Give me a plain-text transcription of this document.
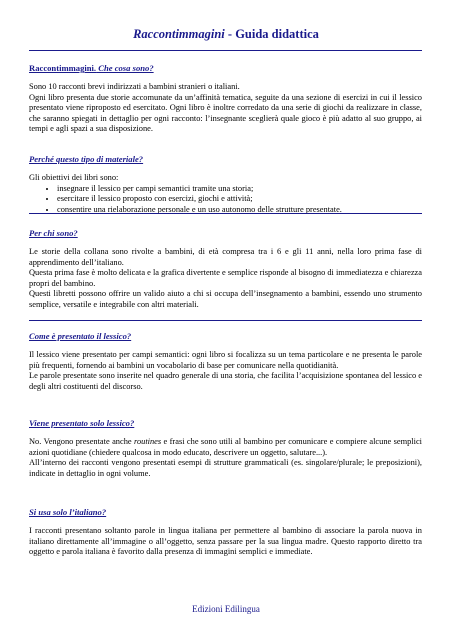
Raccontimmagini - Guida didattica
Raccontimmagini. Che cosa sono?

Sono 10 racconti brevi indirizzati a bambini stranieri o italiani.

Ogni libro presenta due storie accomunate da un’affinità tematica, seguite da una sezione di esercizi in cui il lessico presentato viene riproposto ed esercitato. Ogni libro è inoltre corredato da una serie di giochi da realizzare in classe, che saranno spiegati in dettaglio per ogni racconto: l’insegnante sceglierà quale gioco è più adatto al suo gruppo, ai tempi e agli spazi a sua disposizione.

Perché questo tipo di materiale?

Gli obiettivi dei libri sono:

• insegnare il lessico per campi semantici tramite una storia;
• esercitare il lessico proposto con esercizi, giochi e attività;
• consentire una rielaborazione personale e un uso autonomo delle strutture presentate.
Per chi sono?

Le storie della collana sono rivolte a bambini, di età compresa tra i 6 e gli 11 anni, nella loro prima fase di apprendimento dell’italiano.

Questa prima fase è molto delicata e la grafica divertente e semplice risponde al bisogno di immediatezza e chiarezza propri del bambino.

Questi libretti possono offrire un valido aiuto a chi si occupa dell’insegnamento a bambini, essendo uno strumento semplice, versatile e integrabile con altri materiali.

Come è presentato il lessico?

Il lessico viene presentato per campi semantici: ogni libro si focalizza su un tema particolare e ne presenta le parole più frequenti, fornendo ai bambini un vocabolario di base per comunicare nella quotidianità.

Le parole presentate sono inserite nel quadro generale di una storia, che facilita l’acquisizione spontanea del lessico e degli altri costituenti del discorso.

Viene presentato solo lessico?

No. Vengono presentate anche routines e frasi che sono utili al bambino per comunicare e compiere alcune semplici azioni quotidiane (chiedere qualcosa in modo educato, descrivere un oggetto, salutare...).

All’interno dei racconti vengono presentati esempi di strutture grammaticali (es. singolare/plurale; le preposizioni), indicate in dettaglio in ogni volume.

Si usa solo l’italiano?

I racconti presentano soltanto parole in lingua italiana per permettere al bambino di associare la parola nuova in italiano direttamente all’immagine o all’oggetto, senza passare per la sua lingua madre. Questo rapporto diretto tra oggetto e parola italiana è favorito dalla presenza di immagini semplici e immediate.

Edizioni Edilingua
